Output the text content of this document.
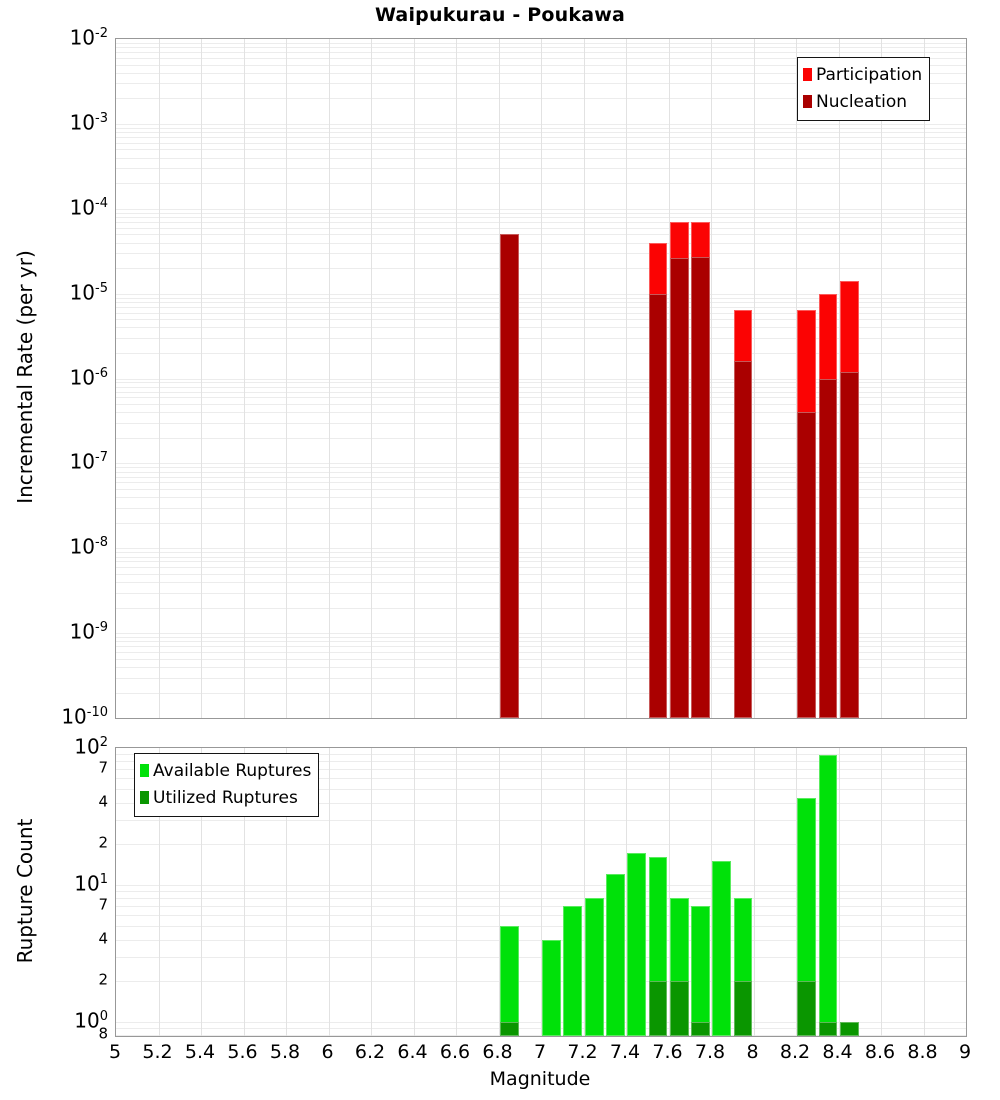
Waipukurau - Poukawa
Incremental Rate (per yr)
Rupture Count
$10^{-2}$
$10^{-3}$
$10^{-4}$
$10^{-5}$
$10^{-6}$
$10^{-7}$
$10^{-8}$
$10^{-9}$
$10^{-10}$
$10^2$
7
4
2
$10^1$
7
4
2
$10^0$
8
5	5.2 5.4 5.6 5.8	6	6.2 6.4 6.6 6.8	7	7.2 7.4 7.6 7.8	8	8.2 8.4 8.6 8.8	9
Magnitude
Participation
Nucleation
Available Ruptures
Utilized Ruptures
